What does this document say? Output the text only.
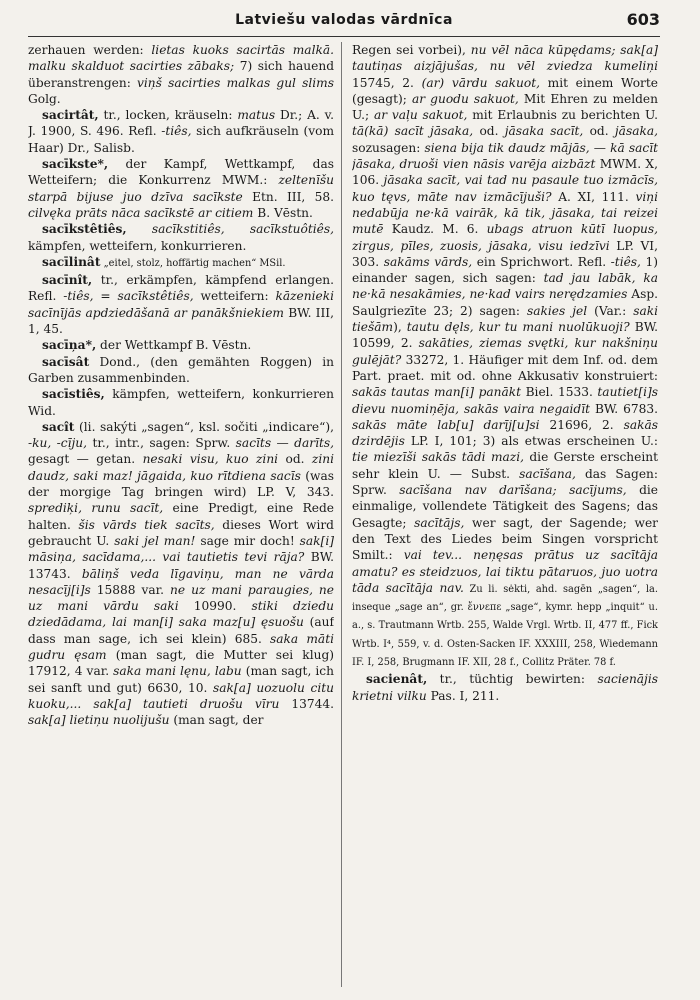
Latviešu valodas vārdnīca	603

zerhauen werden: lietas kuoks sacirtās malkā. malku skalduot sacirties zābaks; 7) sich hauend überanstrengen: viņš sacirties malkas gul slims Golg.

sacirtât, tr., locken, kräuseln: matus Dr.; A. v. J. 1900, S. 496. Refl. -tiês, sich aufkräuseln (vom Haar) Dr., Salisb.

sacīkste*, der Kampf, Wettkampf, das Wetteifern; die Konkurrenz MWM.: zeltenīšu starpā bijuse juo dzīva sacīkste Etn. III, 58. cilvęka prāts nāca sacīkstē ar citiem B. Vēstn.

sacīkstêtiês, sacīkstitiês, sacīkstuôtiês, kämpfen, wetteifern, konkurrieren.

sacīlinât „eitel, stolz, hoffärtig machen“ MSil.

sacīnît, tr., erkämpfen, kämpfend erlangen. Refl. -tiês, = sacīkstêtiês, wetteifern: kāzenieki sacīnījās apdziedāšanā ar panākšniekiem BW. III, 1, 45.

sacīņa*, der Wettkampf B. Vēstn.

sacīsât Dond., (den gemähten Roggen) in Garben zusammenbinden.

sacīstiês, kämpfen, wetteifern, konkurrieren Wid.

sacît (li. sakýti „sagen“, ksl. sočiti „indicare“), -ku, -cīju, tr., intr., sagen: Sprw. sacīts — darīts, gesagt — getan. nesaki visu, kuo zini od. zini daudz, saki maz! jāgaida, kuo rītdiena sacīs (was der morgige Tag bringen wird) LP. V, 343. sprediķi, runu sacīt, eine Predigt, eine Rede halten. šis vārds tiek sacīts, dieses Wort wird gebraucht U. saki jel man! sage mir doch! sak[i] māsiņa, sacīdama,... vai tautietis tevi rāja? BW. 13743. bāliņš veda līgaviņu, man ne vārda nesacīj[i]s 15888 var. ne uz mani paraugies, ne uz mani vārdu saki 10990. stiki dziedu dziedādama, lai man[i] saka maz[u] ęsuošu (auf dass man sage, ich sei klein) 685. saka māti gudru ęsam (man sagt, die Mutter sei klug) 17912, 4 var. saka mani lęnu, labu (man sagt, ich sei sanft und gut) 6630, 10. sak[a] uozuolu citu kuoku,... sak[a] tautieti druošu vīru 13744. sak[a] lietiņu nuolijušu (man sagt, der

Regen sei vorbei), nu vēl nāca kūpędams; sak[a] tautiņas aizjājušas, nu vēl zviedza kumeliņi 15745, 2. (ar) vārdu sakuot, mit einem Worte (gesagt); ar guodu sakuot, Mit Ehren zu melden U.; ar vaļu sakuot, mit Erlaubnis zu berichten U. tā(kā) sacīt jāsaka, od. jāsaka sacīt, od. jāsaka, sozusagen: siena bija tik daudz mājās, — kā sacīt jāsaka, druoši vien nāsis varēja aizbāzt MWM. X, 106. jāsaka sacīt, vai tad nu pasaule tuo izmācīs, kuo tęvs, māte nav izmācījuši? A. XI, 111. viņi nedabūja ne·kā vairāk, kā tik, jāsaka, tai reizei mutē Kaudz. M. 6. ubags atruon kūtī luopus, zirgus, pīles, zuosis, jāsaka, visu iedzīvi LP. VI, 303. sakāms vārds, ein Sprichwort. Refl. -tiês, 1) einander sagen, sich sagen: tad jau labāk, ka ne·kā nesakāmies, ne·kad vairs nerędzamies Asp. Saulgriezīte 23; 2) sagen: sakies jel (Var.: saki tiešām), tautu dęls, kur tu mani nuolūkuoji? BW. 10599, 2. sakāties, ziemas svętki, kur nakšniņu gulējāt? 33272, 1. Häufiger mit dem Inf. od. dem Part. praet. mit od. ohne Akkusativ konstruiert: sakās tautas man[i] panākt Biel. 1533. tautiet[i]s dievu nuomiņēja, sakās vaira negaidīt BW. 6783. sakās māte lab[u] darīj[u]si 21696, 2. sakās dzirdējis LP. I, 101; 3) als etwas erscheinen U.: tie miezīši sakās tādi mazi, die Gerste erscheint sehr klein U. — Subst. sacīšana, das Sagen: Sprw. sacīšana nav darīšana; sacījums, die einmalige, vollendete Tätigkeit des Sagens; das Gesagte; sacītājs, wer sagt, der Sagende; wer den Text des Liedes beim Singen vorspricht Smilt.: vai tev... neņęsas prātus uz sacītāja amatu? es steidzuos, lai tiktu pātaruos, juo uotra tāda sacītāja nav. Zu li. sėkti, ahd. sagēn „sagen“, la. inseque „sage an“, gr. ἔννεπε „sage“, kymr. hepp „inquit“ u. a., s. Trautmann Wrtb. 255, Walde Vrgl. Wrtb. II, 477 ff., Fick Wrtb. I⁴, 559, v. d. Osten-Sacken IF. XXXIII, 258, Wiedemann IF. I, 258, Brugmann IF. XII, 28 f., Collitz Präter. 78 f.

sacienât, tr., tüchtig bewirten: sacienājis krietni vilku Pas. I, 211.
